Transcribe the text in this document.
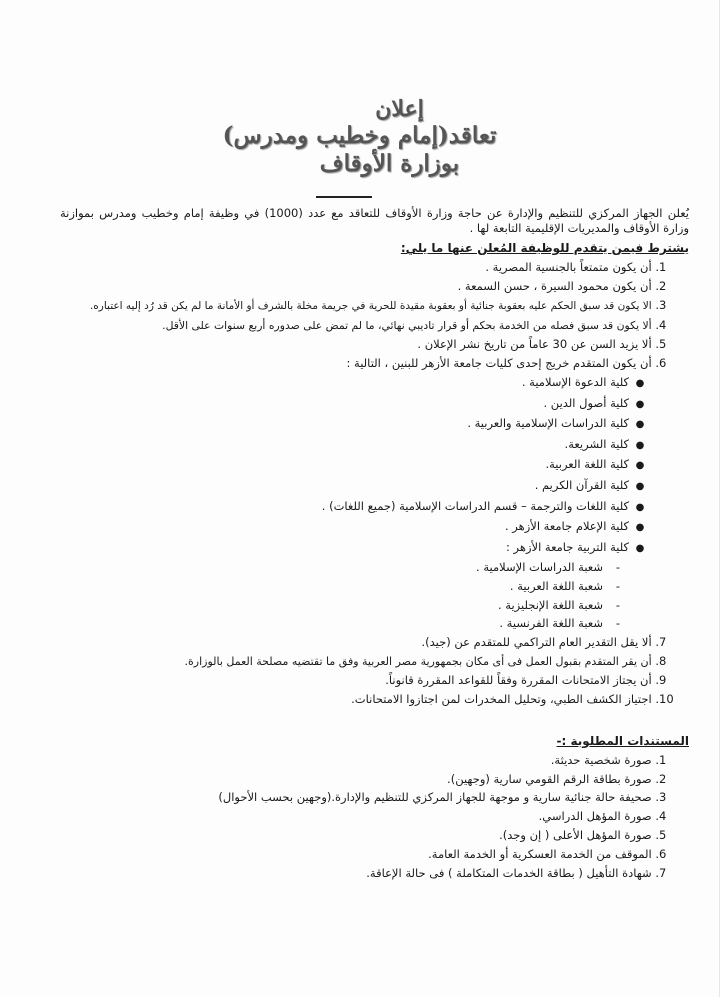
إعلان
تعاقد(إمام وخطيب ومدرس)
بوزارة الأوقاف

يُعلن الجهاز المركزي للتنظيم والإدارة عن حاجة وزارة الأوقاف للتعاقد مع عدد (1000) في وظيفة إمام وخطيب ومدرس بموازنة وزارة الأوقاف والمديريات الإقليمية التابعة لها .

يشترط فيمن يتقدم للوظيفة المُعلن عنها ما يلي:
1. أن يكون متمتعاً بالجنسية المصرية .
2. أن يكون محمود السيرة ، حسن السمعة .
3. الا يكون قد سبق الحكم عليه بعقوبة جنائية أو بعقوبة مقيدة للحرية في جريمة مخلة بالشرف أو الأمانة ما لم يكن قد رُد إليه اعتباره.
4. ألا يكون قد سبق فصله من الخدمة بحكم أو قرار تاديبي نهائي، ما لم تمض على صدوره أربع سنوات على الأقل.
5. ألا يزيد السن عن 30 عاماً من تاريخ نشر الإعلان .
6. أن يكون المتقدم خريج إحدى كليات جامعة الأزهر للبنين ، التالية :
●كلية الدعوة الإسلامية .
●كلية أصول الدين .
●كلية الدراسات الإسلامية والعربية .
●كلية الشريعة.
●كلية اللغة العربية.
●كلية القرآن الكريم .
●كلية اللغات والترجمة – قسم الدراسات الإسلامية (جميع اللغات) .
●كلية الإعلام جامعة الأزهر .
●كلية التربية جامعة الأزهر :
-شعبة الدراسات الإسلامية .
-شعبة اللغة العربية .
-شعبة اللغة الإنجليزية .
-شعبة اللغة الفرنسية .
7. ألا يقل التقدير العام التراكمي للمتقدم عن (جيد).
8. أن يقر المتقدم بقبول العمل فى أى مكان بجمهورية مصر العربية وفق ما تقتضيه مصلحة العمل بالوزارة.
9. أن يجتاز الامتحانات المقررة وفقاً للقواعد المقررة قانوناً.
10. اجتياز الكشف الطبي، وتحليل المخدرات لمن اجتازوا الامتحانات.
المستندات المطلوبة :-
1. صورة شخصية حديثة.
2. صورة بطاقة الرقم القومي سارية (وجهين).
3. صحيفة حالة جنائية سارية و موجهة للجهاز المركزي للتنظيم والإدارة.(وجهين بحسب الأحوال)
4. صورة المؤهل الدراسي.
5. صورة المؤهل الأعلى ( إن وجد).
6. الموقف من الخدمة العسكرية أو الخدمة العامة.
7. شهادة التأهيل ( بطاقة الخدمات المتكاملة ) فى حالة الإعاقة.
